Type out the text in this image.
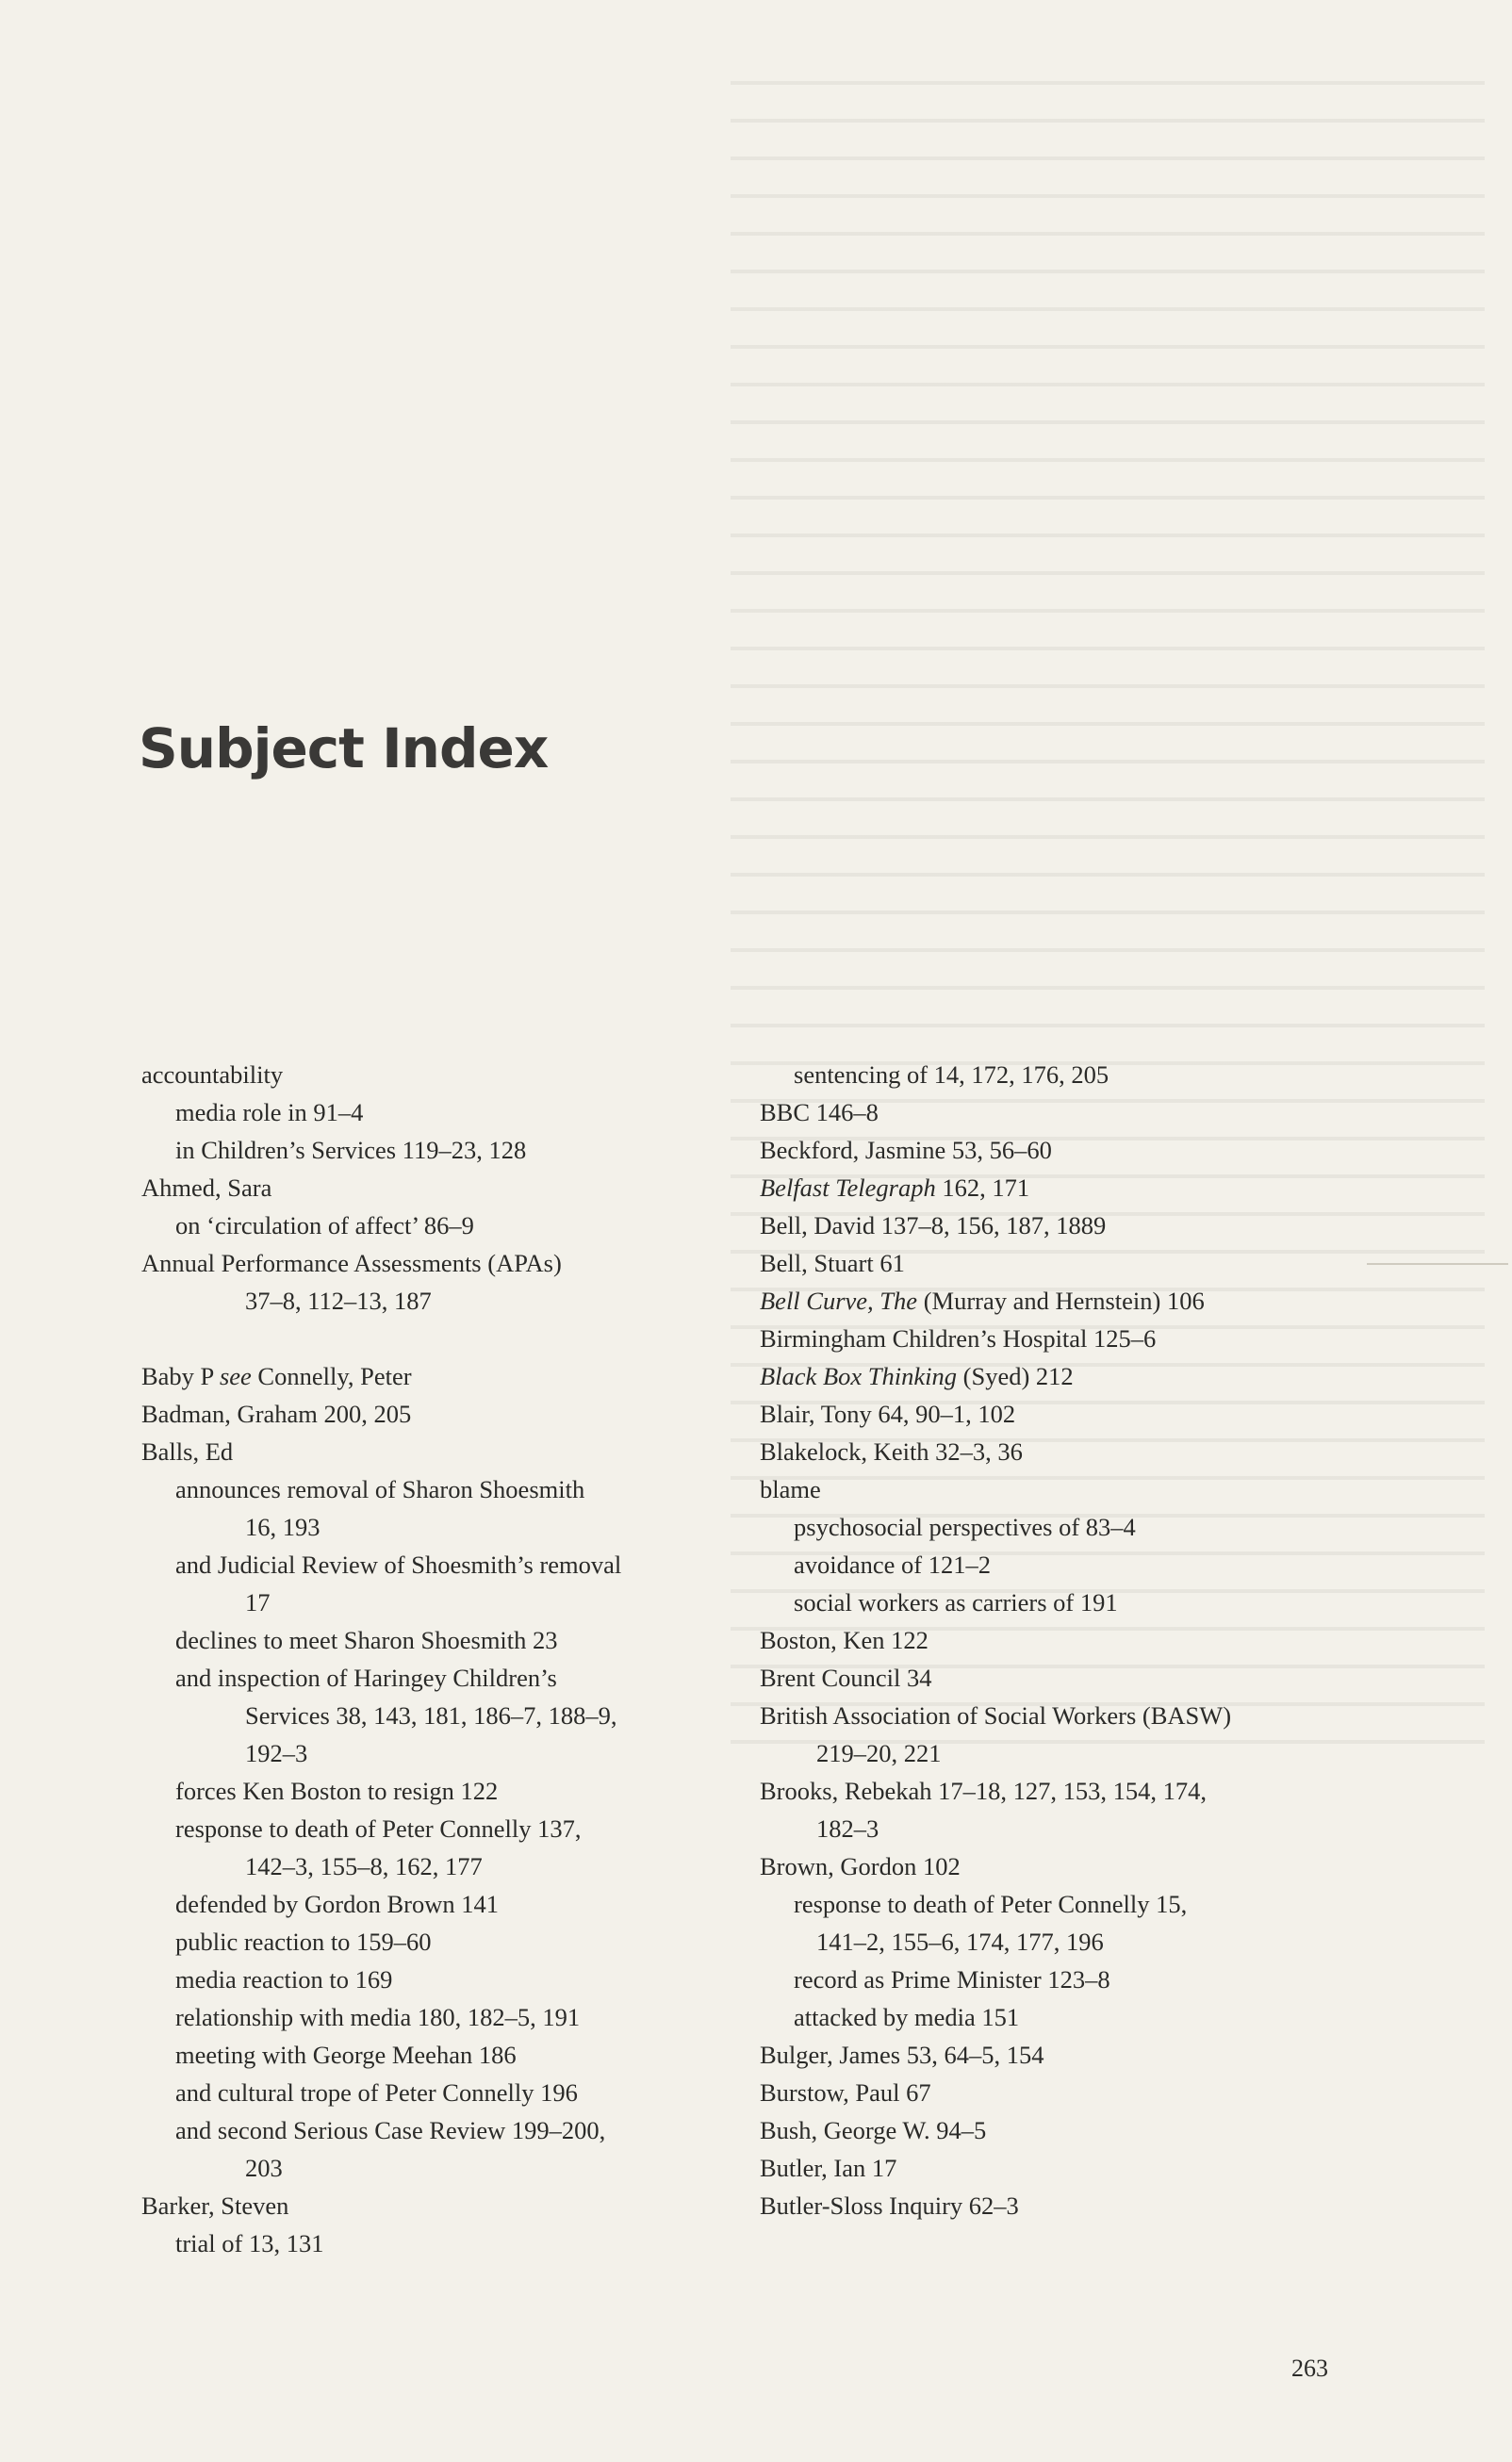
Subject Index
accountability
media role in 91–4
in Children’s Services 119–23, 128
Ahmed, Sara
on ‘circulation of affect’ 86–9
Annual Performance Assessments (APAs)
37–8, 112–13, 187
Baby P see Connelly, Peter
Badman, Graham 200, 205
Balls, Ed
announces removal of Sharon Shoesmith
16, 193
and Judicial Review of Shoesmith’s removal
17
declines to meet Sharon Shoesmith 23
and inspection of Haringey Children’s
Services 38, 143, 181, 186–7, 188–9,
192–3
forces Ken Boston to resign 122
response to death of Peter Connelly 137,
142–3, 155–8, 162, 177
defended by Gordon Brown 141
public reaction to 159–60
media reaction to 169
relationship with media 180, 182–5, 191
meeting with George Meehan 186
and cultural trope of Peter Connelly 196
and second Serious Case Review 199–200,
203
Barker, Steven
trial of 13, 131
sentencing of 14, 172, 176, 205
BBC 146–8
Beckford, Jasmine 53, 56–60
Belfast Telegraph 162, 171
Bell, David 137–8, 156, 187, 1889
Bell, Stuart 61
Bell Curve, The (Murray and Hernstein) 106
Birmingham Children’s Hospital 125–6
Black Box Thinking (Syed) 212
Blair, Tony 64, 90–1, 102
Blakelock, Keith 32–3, 36
blame
psychosocial perspectives of 83–4
avoidance of 121–2
social workers as carriers of 191
Boston, Ken 122
Brent Council 34
British Association of Social Workers (BASW)
219–20, 221
Brooks, Rebekah 17–18, 127, 153, 154, 174,
182–3
Brown, Gordon 102
response to death of Peter Connelly 15,
141–2, 155–6, 174, 177, 196
record as Prime Minister 123–8
attacked by media 151
Bulger, James 53, 64–5, 154
Burstow, Paul 67
Bush, George W. 94–5
Butler, Ian 17
Butler-Sloss Inquiry 62–3
263
